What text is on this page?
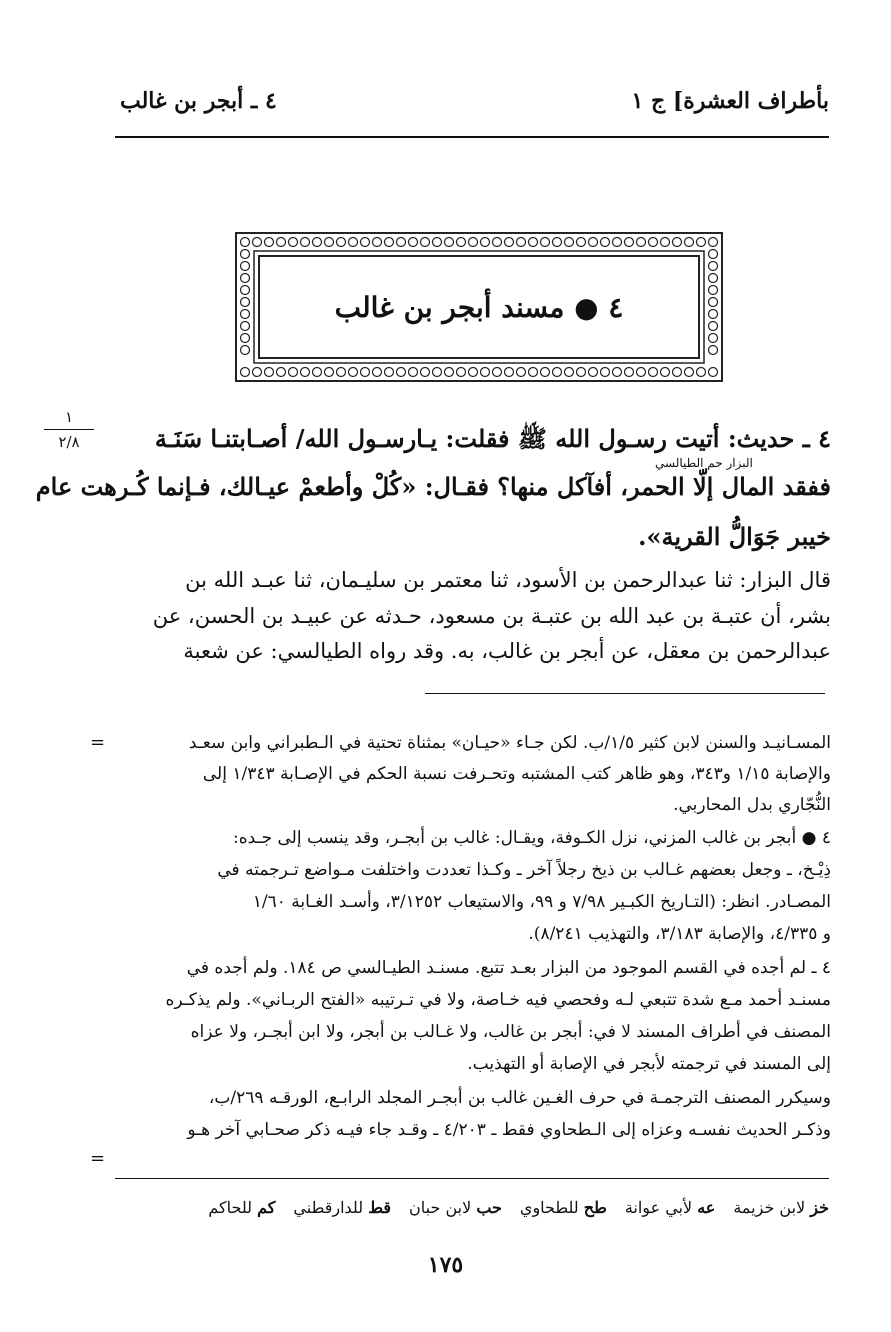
بأطراف العشرة] ج ١
٤ ـ أبجر بن غالب
٤ ● مسند أبجر بن غالب
١
٢/٨	٤ ـ حديث: أتيت رسـول الله ﷺ فقلت: يـارسـول الله/ أصـابتنـا سَنَـة
البزار حم الطيالسي
ففقد المال إلّا الحمر، أفآكل منها؟ فقـال: «كُلْ وأطعمْ عيـالك، فـإنما كُـرهت عام
خيبر جَوَالُّ القرية».
قال البزار: ثنا عبدالرحمن بن الأسود، ثنا معتمر بن سليـمان، ثنا عبـد الله بن
بشر، أن عتبـة بن عبد الله بن عتبـة بن مسعود، حـدثه عن عبيـد بن الحسن، عن
عبدالرحمن بن معقل، عن أبجر بن غالب، به. وقد رواه الطيالسي: عن شعبة
=	المسـانيـد والسنن لابن كثير ١/٥/ب. لكن جـاء «حيـان» بمثناة تحتية في الـطبراني وابن سعـد
والإصابة ١/١٥ و٣٤٣، وهو ظاهر كتب المشتبه وتحـرفت نسبة الحكم في الإصـابة ١/٣٤٣ إلى
النُّجّاري بدل المحاربي.
٤ ● أبجر بن غالب المزني، نزل الكـوفة، ويقـال: غالب بن أبجـر، وقد ينسب إلى جـده:
ذِيْـخ، ـ وجعل بعضهم غـالب بن ذيخ رجلاً آخر ـ وكـذا تعددت واختلفت مـواضع تـرجمته في
المصـادر. انظر: (التـاريخ الكبـير ٧/٩٨ و ٩٩، والاستيعاب ٣/١٢٥٢، وأسـد الغـابة ١/٦٠
و ٤/٣٣٥، والإصابة ٣/١٨٣، والتهذيب ٨/٢٤١).
٤ ـ لم أجده في القسم الموجود من البزار بعـد تتبع. مسنـد الطيـالسي ص ١٨٤. ولم أجده في
مسنـد أحمد مـع شدة تتبعي لـه وفحصي فيه خـاصة، ولا في تـرتيبه «الفتح الربـاني». ولم يذكـره
المصنف في أطراف المسند لا في: أبجر بن غالب، ولا غـالب بن أبجر، ولا ابن أبجـر، ولا عزاه
إلى المسند في ترجمته لأبجر في الإصابة أو التهذيب.
وسيكرر المصنف الترجمـة في حرف الغـين غالب بن أبجـر المجلد الرابـع، الورقـه ٢٦٩/ب،
وذكـر الحديث نفسـه وعزاه إلى الـطحاوي فقط ـ ٤/٢٠٣ ـ وقـد جاء فيـه ذكر صحـابي آخر هـو
=
خز لابن خزيمة
عه لأبي عوانة
طح للطحاوي
حب لابن حبان
قط للدارقطني
كم للحاكم
١٧٥
